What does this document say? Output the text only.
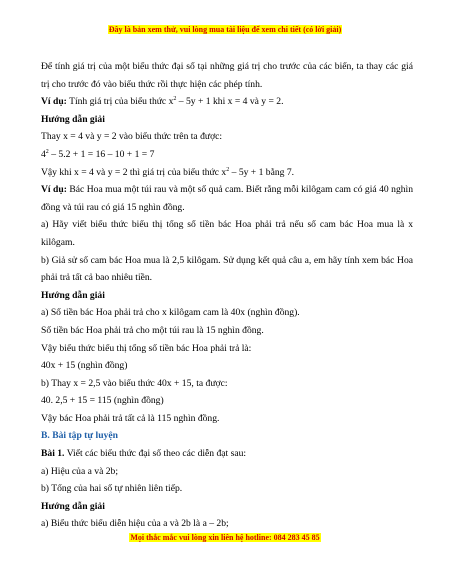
Đây là bản xem thử, vui lòng mua tài liệu để xem chi tiết (có lời giải)

Để tính giá trị của một biểu thức đại số tại những giá trị cho trước của các biến, ta thay các giá trị cho trước đó vào biểu thức rồi thực hiện các phép tính.

Ví dụ: Tính giá trị của biểu thức $x^2 - 5y + 1$ khi x = 4 và y = 2.

Hướng dẫn giải

Thay x = 4 và y = 2 vào biểu thức trên ta được:

$4^2 - 5.2 + 1 = 16 - 10 + 1 = 7$

Vậy khi x = 4 và y = 2 thì giá trị của biểu thức $x^2 - 5y + 1$ bằng 7.

Ví dụ: Bác Hoa mua một túi rau và một số quả cam. Biết rằng mỗi kilôgam cam có giá 40 nghìn đồng và túi rau có giá 15 nghìn đồng.

a) Hãy viết biểu thức biểu thị tổng số tiền bác Hoa phải trả nếu số cam bác Hoa mua là x kilôgam.

b) Giả sử số cam bác Hoa mua là 2,5 kilôgam. Sử dụng kết quả câu a, em hãy tính xem bác Hoa phải trả tất cả bao nhiêu tiền.

Hướng dẫn giải

a) Số tiền bác Hoa phải trả cho x kilôgam cam là 40x (nghìn đồng).

Số tiền bác Hoa phải trả cho một túi rau là 15 nghìn đồng.

Vậy biểu thức biểu thị tổng số tiền bác Hoa phải trả là:

40x + 15 (nghìn đồng)

b) Thay x = 2,5 vào biểu thức 40x + 15, ta được:

40. 2,5 + 15 = 115 (nghìn đồng)

Vậy bác Hoa phải trả tất cả là 115 nghìn đồng.

B. Bài tập tự luyện

Bài 1. Viết các biểu thức đại số theo các diễn đạt sau:

a) Hiệu của a và 2b;

b) Tổng của hai số tự nhiên liên tiếp.

Hướng dẫn giải

a) Biểu thức biểu diễn hiệu của a và 2b là a – 2b;

Mọi thắc mắc vui lòng xin liên hệ hotline: 084 283 45 85
